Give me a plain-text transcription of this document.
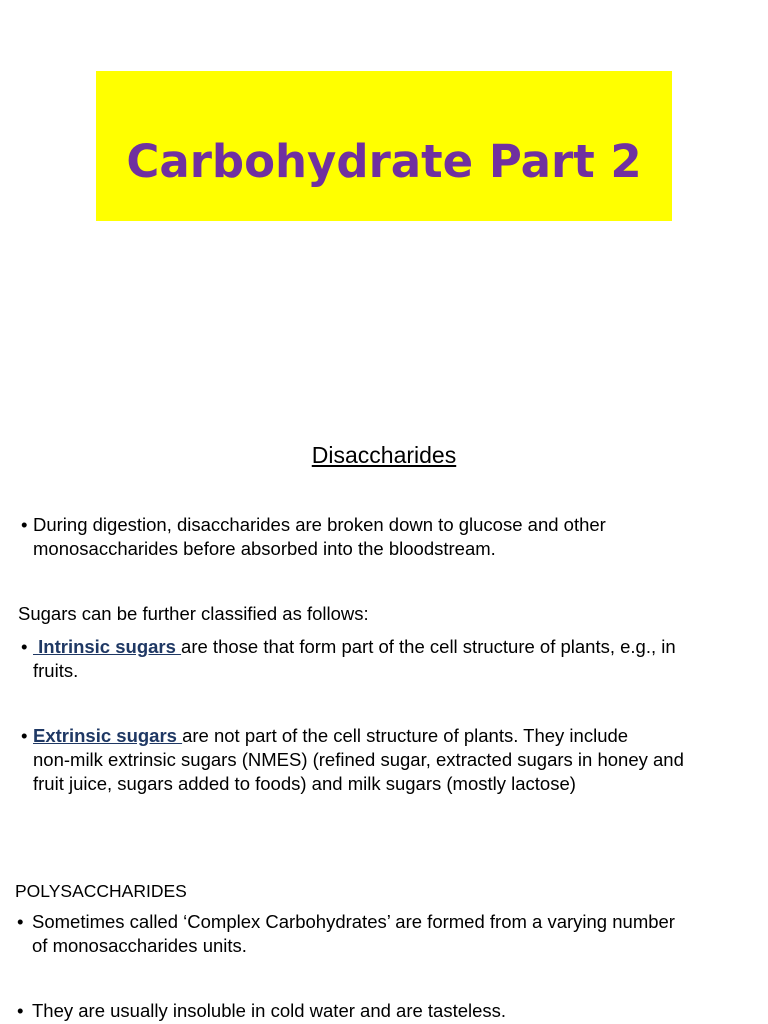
Carbohydrate Part 2
Disaccharides
• During digestion, disaccharides are broken down to glucose and other
monosaccharides before absorbed into the bloodstream.
Sugars can be further classified as follows:
• Intrinsic sugars are those that form part of the cell structure of plants, e.g., in
fruits.
• Extrinsic sugars are not part of the cell structure of plants. They include
non-milk extrinsic sugars (NMES) (refined sugar, extracted sugars in honey and
fruit juice, sugars added to foods) and milk sugars (mostly lactose)
POLYSACCHARIDES
• Sometimes called ‘Complex Carbohydrates’ are formed from a varying number
of monosaccharides units.
• They are usually insoluble in cold water and are tasteless.
